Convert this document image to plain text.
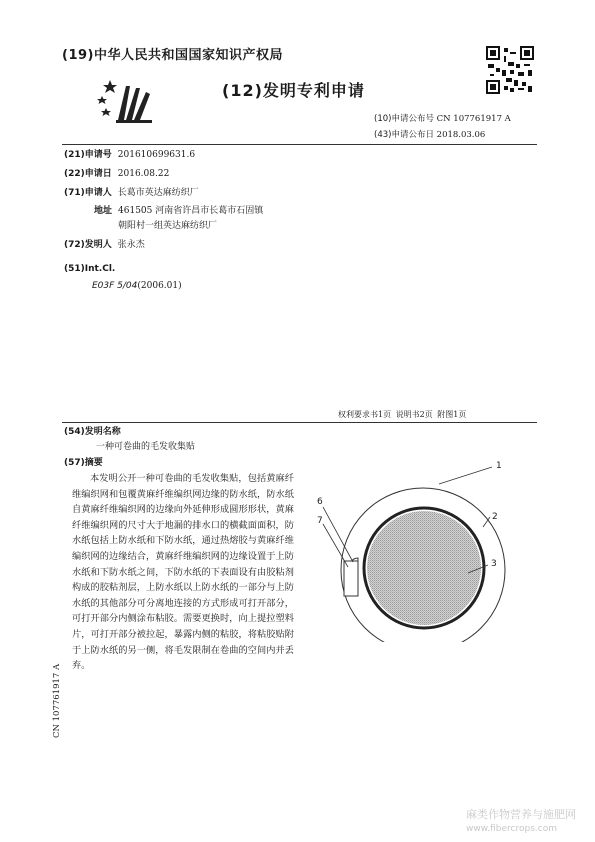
(19)中华人民共和国国家知识产权局
(12)发明专利申请
(10)申请公布号 CN 107761917 A
(43)申请公布日 2018.03.06
(21)申请号 201610699631.6
(22)申请日 2016.08.22
(71)申请人 长葛市英达麻纺织厂
地址 461505 河南省许昌市长葛市石固镇
朝阳村一组英达麻纺织厂
(72)发明人 张永杰
(51)Int.Cl.
E03F 5/04(2006.01)
权利要求书1页 说明书2页 附图1页
(54)发明名称
一种可卷曲的毛发收集贴
(57)摘要
本发明公开一种可卷曲的毛发收集贴，包括黄麻纤维编织网和包覆黄麻纤维编织网边缘的防水纸，防水纸自黄麻纤维编织网的边缘向外延伸形成圆形形状，黄麻纤维编织网的尺寸大于地漏的排水口的横截面面积，防水纸包括上防水纸和下防水纸，通过热熔胶与黄麻纤维编织网的边缘结合，黄麻纤维编织网的边缘设置于上防水纸和下防水纸之间，下防水纸的下表面设有由胶粘剂构成的胶粘剂层，上防水纸以上防水纸的一部分与上防水纸的其他部分可分离地连接的方式形成可打开部分，可打开部分内侧涂布粘胶。需要更换时，向上提拉塑料片，可打开部分被拉起，暴露内侧的粘胶，将粘胶贴附于上防水纸的另一侧，将毛发限制在卷曲的空间内并丢弃。
1
2
3
6
7
CN 107761917 A
麻类作物营养与施肥网
www.fibercrops.com
